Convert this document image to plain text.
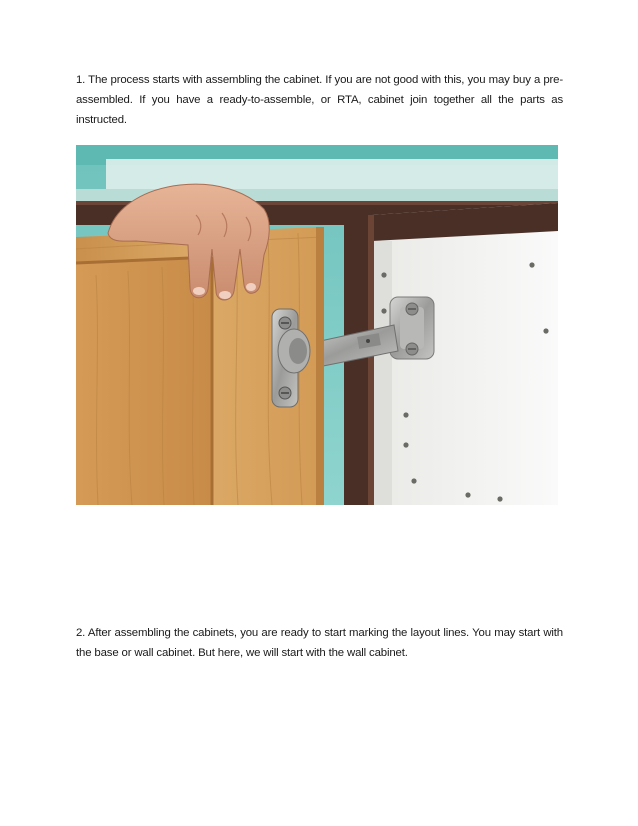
1. The process starts with assembling the cabinet. If you are not good with this, you may buy a pre-assembled. If you have a ready-to-assemble, or RTA, cabinet join together all the parts as instructed.

2. After assembling the cabinets, you are ready to start marking the layout lines. You may start with the base or wall cabinet. But here, we will start with the wall cabinet.
